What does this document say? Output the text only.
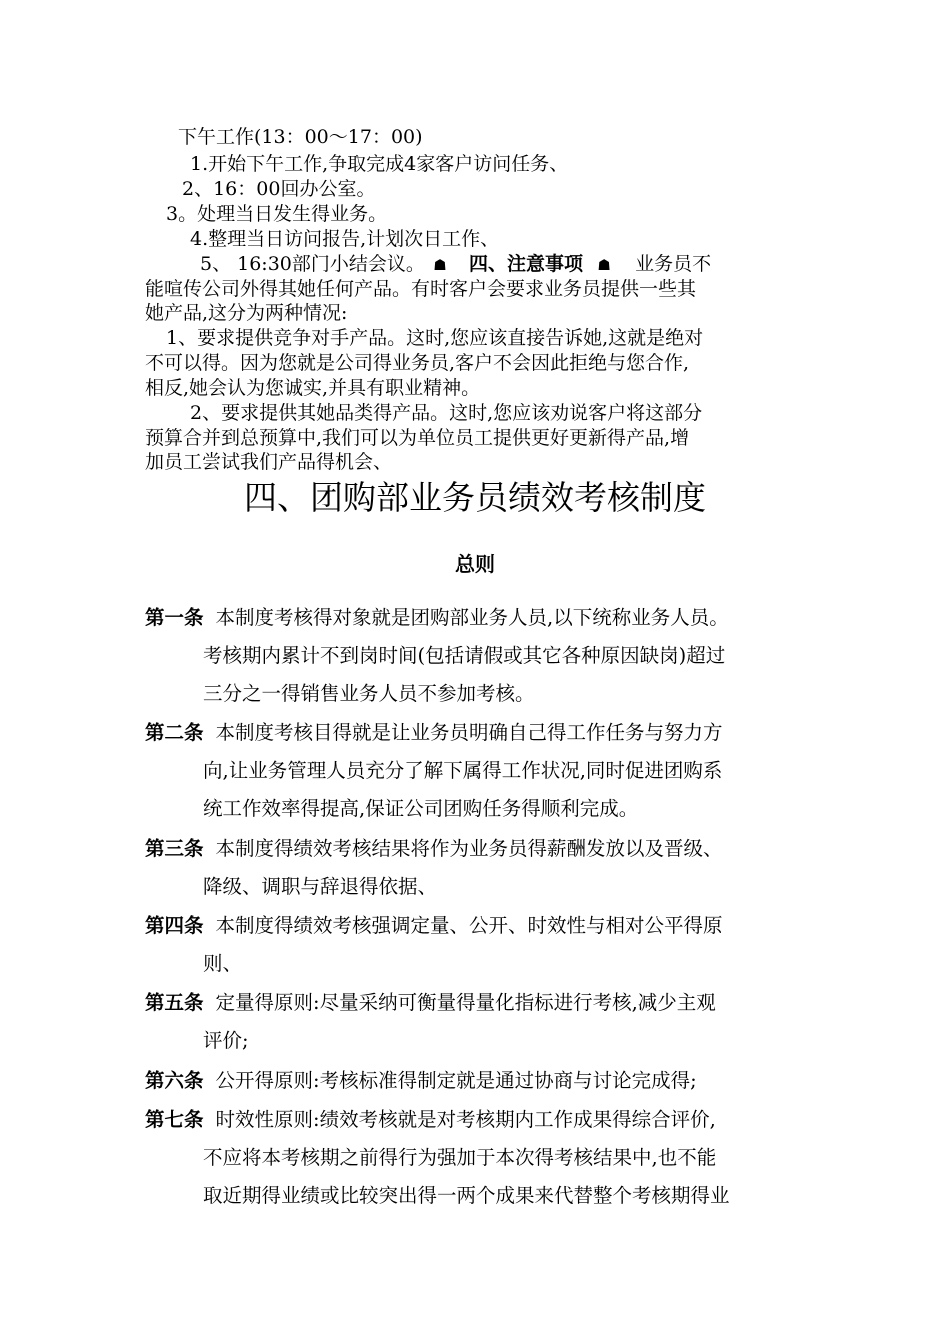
下午工作(13：00～17：00)
1.开始下午工作,争取完成4家客户访问任务、
2、16：00回办公室。
3。处理当日发生得业务。
4.整理当日访问报告,计划次日工作、
5、 16:30部门小结会议。 ☗ 四、注意事项 ☗ 业务员不
能喧传公司外得其她任何产品。有时客户会要求业务员提供一些其
她产品,这分为两种情况:
1、要求提供竞争对手产品。这时,您应该直接告诉她,这就是绝对
不可以得。因为您就是公司得业务员,客户不会因此拒绝与您合作,
相反,她会认为您诚实,并具有职业精神。
2、要求提供其她品类得产品。这时,您应该劝说客户将这部分
预算合并到总预算中,我们可以为单位员工提供更好更新得产品,增
加员工尝试我们产品得机会、
四、团购部业务员绩效考核制度
总则
第一条 本制度考核得对象就是团购部业务人员,以下统称业务人员。
考核期内累计不到岗时间(包括请假或其它各种原因缺岗)超过
三分之一得销售业务人员不参加考核。
第二条 本制度考核目得就是让业务员明确自己得工作任务与努力方
向,让业务管理人员充分了解下属得工作状况,同时促进团购系
统工作效率得提高,保证公司团购任务得顺利完成。
第三条 本制度得绩效考核结果将作为业务员得薪酬发放以及晋级、
降级、调职与辞退得依据、
第四条 本制度得绩效考核强调定量、公开、时效性与相对公平得原
则、
第五条 定量得原则:尽量采纳可衡量得量化指标进行考核,减少主观
评价;
第六条 公开得原则:考核标准得制定就是通过协商与讨论完成得;
第七条 时效性原则:绩效考核就是对考核期内工作成果得综合评价,
不应将本考核期之前得行为强加于本次得考核结果中,也不能
取近期得业绩或比较突出得一两个成果来代替整个考核期得业
